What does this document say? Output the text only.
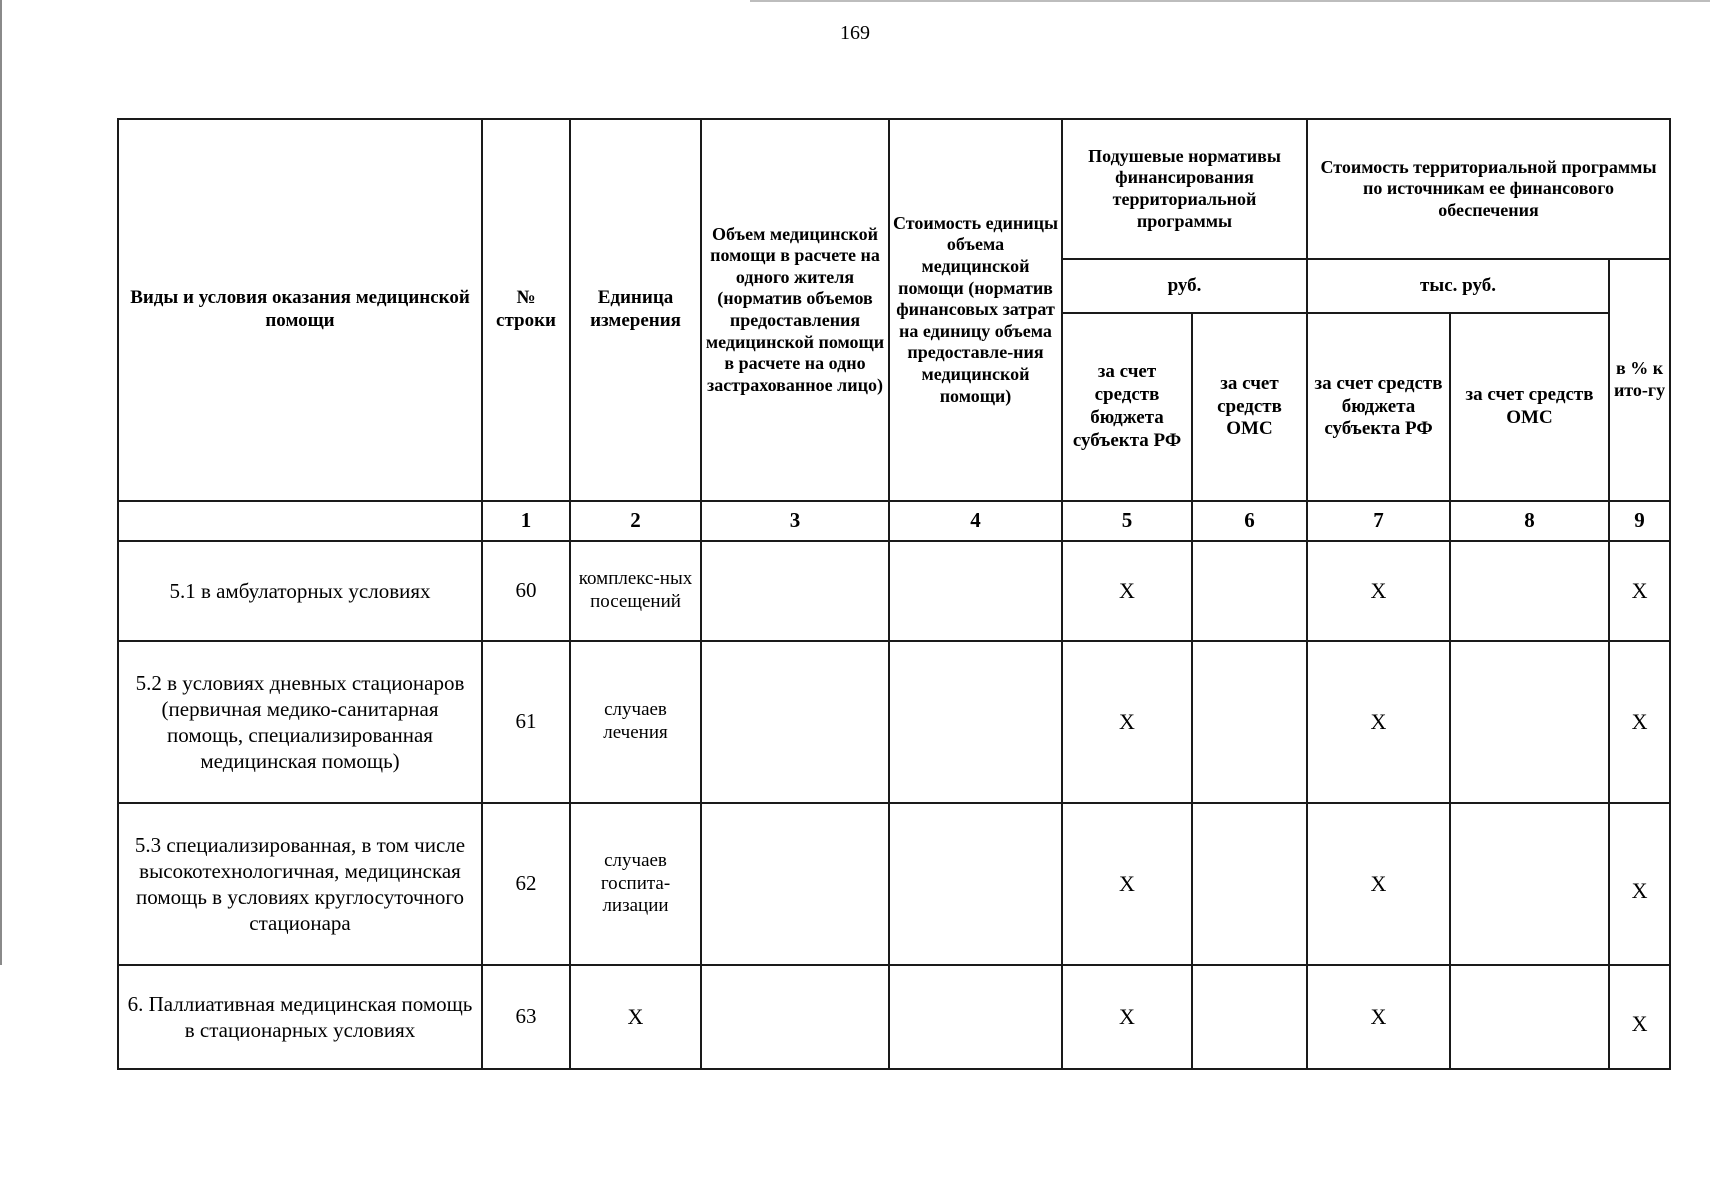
169
Виды и условия оказания медицинской помощи	№ строки	Единица измерения	Объем медицинской помощи в расчете на одного жителя (норматив объемов предоставления медицинской помощи в расчете на одно застрахованное лицо)	Стоимость единицы объема медицинской помощи (норматив финансовых затрат на единицу объема предоставле-ния медицинской помощи)	Подушевые нормативы финансирования территориальной программы		Стоимость территориальной программы по источникам ее финансового обеспечения		
					руб.		тыс. руб.		в % к ито-гу
					за счет средств бюджета субъекта РФ	за счет средств ОМС	за счет средств бюджета субъекта РФ	за счет средств ОМС	
	1	2	3	4	5	6	7	8	9
5.1 в амбулаторных условиях	60	комплекс-ных посещений			X		X		X
5.2 в условиях дневных стационаров (первичная медико-санитарная помощь, специализированная медицинская помощь)	61	случаев лечения			X		X		X
5.3 специализированная, в том числе высокотехнологичная, медицинская помощь в условиях круглосуточного стационара	62	случаев госпита-лизации			X		X		X
6. Паллиативная медицинская помощь в стационарных условиях	63	X			X		X		X
